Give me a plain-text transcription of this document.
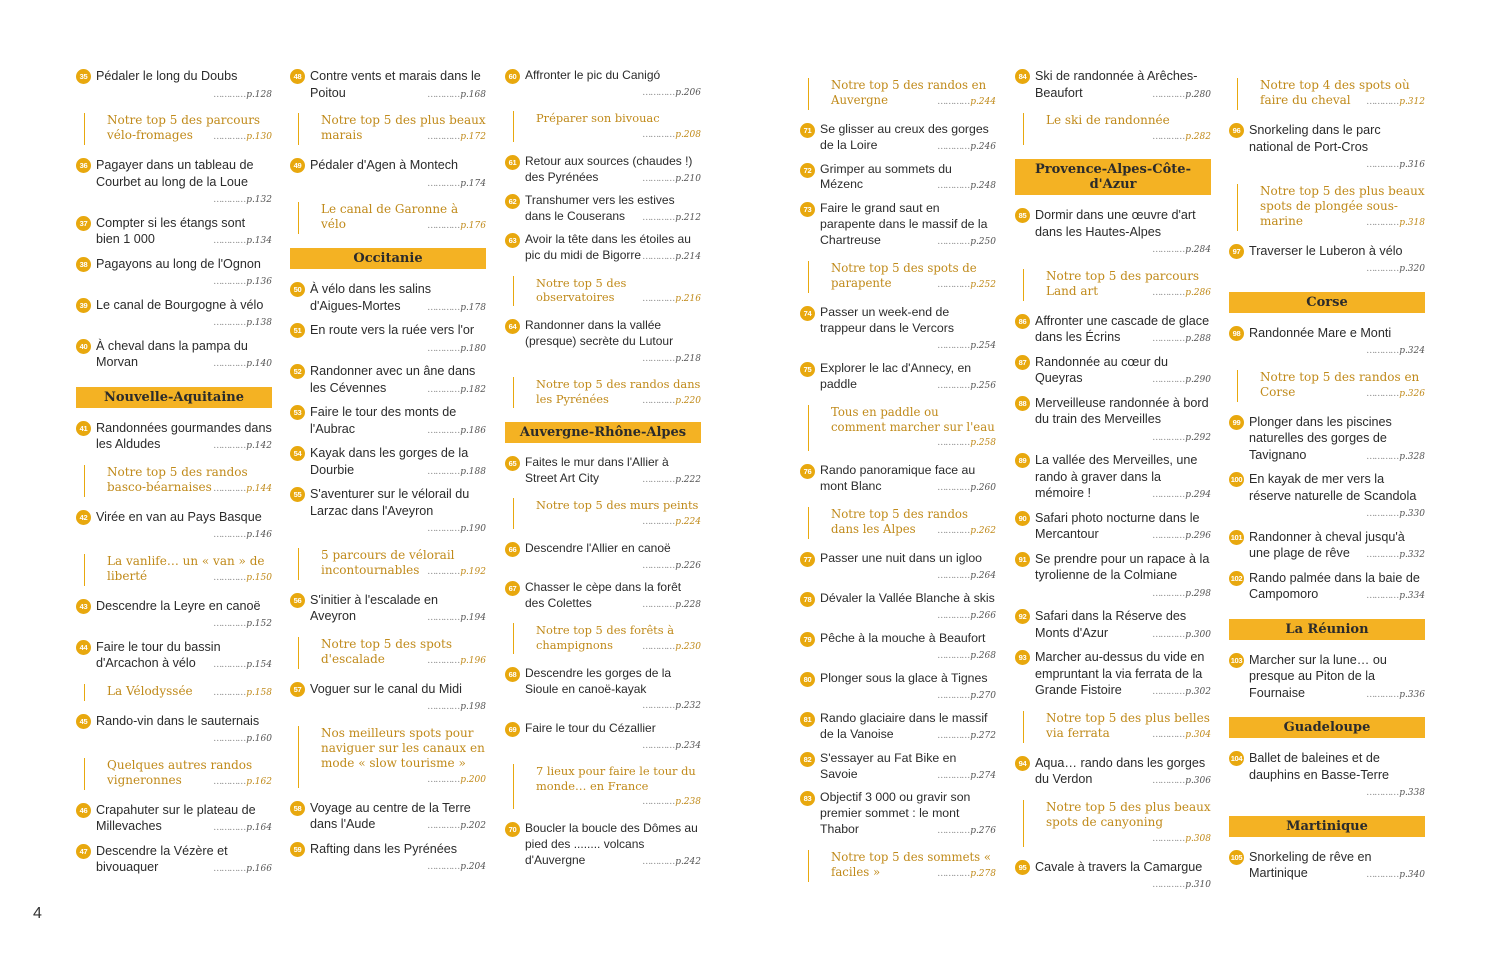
35 Pédaler le long du Doubs
………… p.128
Notre top 5 des parcours vélo-fromages	………… p.130
36 Pagayer dans un tableau de Courbet au long de la Loue
………… p.132
37 Compter si les étangs sont bien 1 000	………… p.134
38 Pagayons au long de l'Ognon
………… p.136
39 Le canal de Bourgogne à vélo
………… p.138
40 À cheval dans la pampa du Morvan	………… p.140
Nouvelle-Aquitaine
41 Randonnées gourmandes dans les Aldudes	………… p.142
Notre top 5 des randos basco-béarnaises	………… p.144
42 Virée en van au Pays Basque
………… p.146
La vanlife… un « van » de liberté	………… p.150
43 Descendre la Leyre en canoë
………… p.152
44 Faire le tour du bassin d'Arcachon à vélo	………… p.154
La Vélodyssée	………… p.158
45 Rando-vin dans le sauternais
………… p.160
Quelques autres randos vigneronnes	………… p.162
46 Crapahuter sur le plateau de Millevaches	………… p.164
47 Descendre la Vézère et bivouaquer	………… p.166
48 Contre vents et marais dans le Poitou	………… p.168
Notre top 5 des plus beaux marais	………… p.172
49 Pédaler d'Agen à Montech
………… p.174
Le canal de Garonne à vélo	………… p.176
Occitanie
50 À vélo dans les salins d'Aigues-Mortes	………… p.178
51 En route vers la ruée vers l'or
………… p.180
52 Randonner avec un âne dans les Cévennes	………… p.182
53 Faire le tour des monts de l'Aubrac	………… p.186
54 Kayak dans les gorges de la Dourbie	………… p.188
55 S'aventurer sur le vélorail du Larzac dans l'Aveyron
………… p.190
5 parcours de vélorail incontournables	………… p.192
56 S'initier à l'escalade en Aveyron	………… p.194
Notre top 5 des spots d'escalade	………… p.196
57 Voguer sur le canal du Midi
………… p.198
Nos meilleurs spots pour naviguer sur les canaux en mode « slow tourisme »
………… p.200
58 Voyage au centre de la Terre dans l'Aude	………… p.202
59 Rafting dans les Pyrénées
………… p.204
60 Affronter le pic du Canigó
………… p.206
Préparer son bivouac
………… p.208
61 Retour aux sources (chaudes !) des Pyrénées	………… p.210
62 Transhumer vers les estives dans le Couserans	………… p.212
63 Avoir la tête dans les étoiles au pic du midi de Bigorre	………… p.214
Notre top 5 des observatoires	………… p.216
64 Randonner dans la vallée (presque) secrète du Lutour
………… p.218
Notre top 5 des randos dans les Pyrénées	………… p.220
Auvergne-Rhône-Alpes
65 Faites le mur dans l'Allier à Street Art City	………… p.222
Notre top 5 des murs peints
………… p.224
66 Descendre l'Allier en canoë
………… p.226
67 Chasser le cèpe dans la forêt des Colettes	………… p.228
Notre top 5 des forêts à champignons	………… p.230
68 Descendre les gorges de la Sioule en canoë-kayak
………… p.232
69 Faire le tour du Cézallier
………… p.234
7 lieux pour faire le tour du monde… en France
………… p.238
70 Boucler la boucle des Dômes au pied des ........ volcans d'Auvergne	………… p.242
Notre top 5 des randos en Auvergne	………… p.244
71 Se glisser au creux des gorges de la Loire	………… p.246
72 Grimper au sommets du Mézenc	………… p.248
73 Faire le grand saut en parapente dans le massif de la Chartreuse	………… p.250
Notre top 5 des spots de parapente	………… p.252
74 Passer un week-end de trappeur dans le Vercors
………… p.254
75 Explorer le lac d'Annecy, en paddle	………… p.256
Tous en paddle ou comment marcher sur l'eau
………… p.258
76 Rando panoramique face au mont Blanc	………… p.260
Notre top 5 des randos dans les Alpes	………… p.262
77 Passer une nuit dans un igloo
………… p.264
78 Dévaler la Vallée Blanche à skis
………… p.266
79 Pêche à la mouche à Beaufort
………… p.268
80 Plonger sous la glace à Tignes
………… p.270
81 Rando glaciaire dans le massif de la Vanoise	………… p.272
82 S'essayer au Fat Bike en Savoie	………… p.274
83 Objectif 3 000 ou gravir son premier sommet : le mont Thabor	………… p.276
Notre top 5 des sommets « faciles »	………… p.278
84 Ski de randonnée à Arêches-Beaufort	………… p.280
Le ski de randonnée
………… p.282
Provence-Alpes-Côte-d'Azur
85 Dormir dans une œuvre d'art dans les Hautes-Alpes
………… p.284
Notre top 5 des parcours Land art	………… p.286
86 Affronter une cascade de glace dans les Écrins	………… p.288
87 Randonnée au cœur du Queyras	………… p.290
88 Merveilleuse randonnée à bord du train des Merveilles
………… p.292
89 La vallée des Merveilles, une rando à graver dans la mémoire !	………… p.294
90 Safari photo nocturne dans le Mercantour	………… p.296
91 Se prendre pour un rapace à la tyrolienne de la Colmiane
………… p.298
92 Safari dans la Réserve des Monts d'Azur	………… p.300
93 Marcher au-dessus du vide en empruntant la via ferrata de la Grande Fistoire	………… p.302
Notre top 5 des plus belles via ferrata	………… p.304
94 Aqua… rando dans les gorges du Verdon	………… p.306
Notre top 5 des plus beaux spots de canyoning
………… p.308
95 Cavale à travers la Camargue
………… p.310
Notre top 4 des spots où faire du cheval	………… p.312
96 Snorkeling dans le parc national de Port-Cros
………… p.316
Notre top 5 des plus beaux spots de plongée sous-marine	………… p.318
97 Traverser le Luberon à vélo
………… p.320
Corse
98 Randonnée Mare e Monti
………… p.324
Notre top 5 des randos en Corse	………… p.326
99 Plonger dans les piscines naturelles des gorges de Tavignano	………… p.328
100 En kayak de mer vers la réserve naturelle de Scandola
………… p.330
101 Randonner à cheval jusqu'à une plage de rêve	………… p.332
102 Rando palmée dans la baie de Campomoro	………… p.334
La Réunion
103 Marcher sur la lune… ou presque au Piton de la Fournaise	………… p.336
Guadeloupe
104 Ballet de baleines et de dauphins en Basse-Terre
………… p.338
Martinique
105 Snorkeling de rêve en Martinique	………… p.340
4
